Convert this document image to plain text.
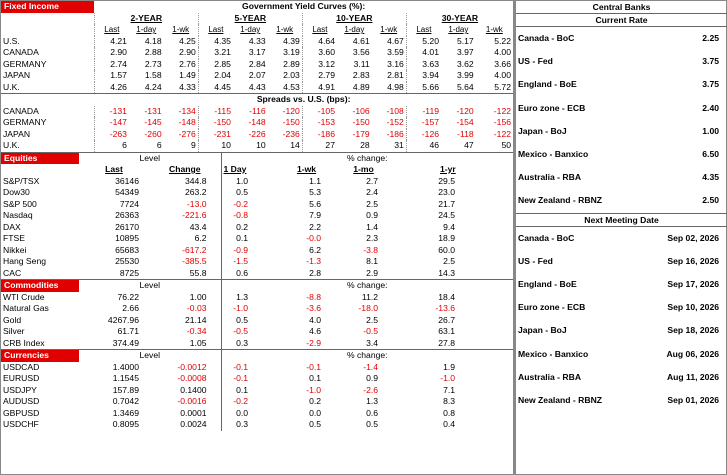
Fixed Income	Government Yield Curves (%):											
	2-YEAR			5-YEAR			10-YEAR			30-YEAR		
	Last	1-day	1-wk	Last	1-day	1-wk	Last	1-day	1-wk	Last	1-day	1-wk
U.S.	4.21	4.18	4.25	4.35	4.33	4.39	4.64	4.61	4.67	5.20	5.17	5.22
CANADA	2.90	2.88	2.90	3.21	3.17	3.19	3.60	3.56	3.59	4.01	3.97	4.00
GERMANY	2.74	2.73	2.76	2.85	2.84	2.89	3.12	3.11	3.16	3.63	3.62	3.66
JAPAN	1.57	1.58	1.49	2.04	2.07	2.03	2.79	2.83	2.81	3.94	3.99	4.00
U.K.	4.26	4.24	4.33	4.45	4.43	4.53	4.91	4.89	4.98	5.66	5.64	5.72
	Spreads vs. U.S. (bps):											
CANADA	-131	-131	-134	-115	-116	-120	-105	-106	-108	-119	-120	-122
GERMANY	-147	-145	-148	-150	-148	-150	-153	-150	-152	-157	-154	-156
JAPAN	-263	-260	-276	-231	-226	-236	-186	-179	-186	-126	-118	-122
U.K.	6	6	9	10	10	14	27	28	31	46	47	50
Equities	Level		% change:			
	Last	Change	1 Day	1-wk	1-mo	1-yr
S&P/TSX	36146	344.8	1.0	1.1	2.7	29.5
Dow30	54349	263.2	0.5	5.3	2.4	23.0
S&P 500	7724	-13.0	-0.2	5.6	2.5	21.7
Nasdaq	26363	-221.6	-0.8	7.9	0.9	24.5
DAX	26170	43.4	0.2	2.2	1.4	9.4
FTSE	10895	6.2	0.1	-0.0	2.3	18.9
Nikkei	65683	-617.2	-0.9	6.2	-3.8	60.0
Hang Seng	25530	-385.5	-1.5	-1.3	8.1	2.5
CAC	8725	55.8	0.6	2.8	2.9	14.3
Commodities	Level		% change:			
WTI Crude	76.22	1.00	1.3	-8.8	11.2	18.4
Natural Gas	2.66	-0.03	-1.0	-3.6	-18.0	-13.6
Gold	4267.96	21.14	0.5	4.0	2.5	26.7
Silver	61.71	-0.34	-0.5	4.6	-0.5	63.1
CRB Index	374.49	1.05	0.3	-2.9	3.4	27.8
Currencies	Level		% change:			
USDCAD	1.4000	-0.0012	-0.1	-0.1	-1.4	1.9
EURUSD	1.1545	-0.0008	-0.1	0.1	0.9	-1.0
USDJPY	157.89	0.1400	0.1	-1.0	-2.6	7.1
AUDUSD	0.7042	-0.0016	-0.2	0.2	1.3	8.3
GBPUSD	1.3469	0.0001	0.0	0.0	0.6	0.8
USDCHF	0.8095	0.0024	0.3	0.5	0.5	0.4
Central Banks	
Current Rate	
Canada - BoC	2.25
US - Fed	3.75
England - BoE	3.75
Euro zone - ECB	2.40
Japan - BoJ	1.00
Mexico - Banxico	6.50
Australia - RBA	4.35
New Zealand - RBNZ	2.50
Next Meeting Date	
Canada - BoC	Sep 02, 2026
US - Fed	Sep 16, 2026
England - BoE	Sep 17, 2026
Euro zone - ECB	Sep 10, 2026
Japan - BoJ	Sep 18, 2026
Mexico - Banxico	Aug 06, 2026
Australia - RBA	Aug 11, 2026
New Zealand - RBNZ	Sep 01, 2026
